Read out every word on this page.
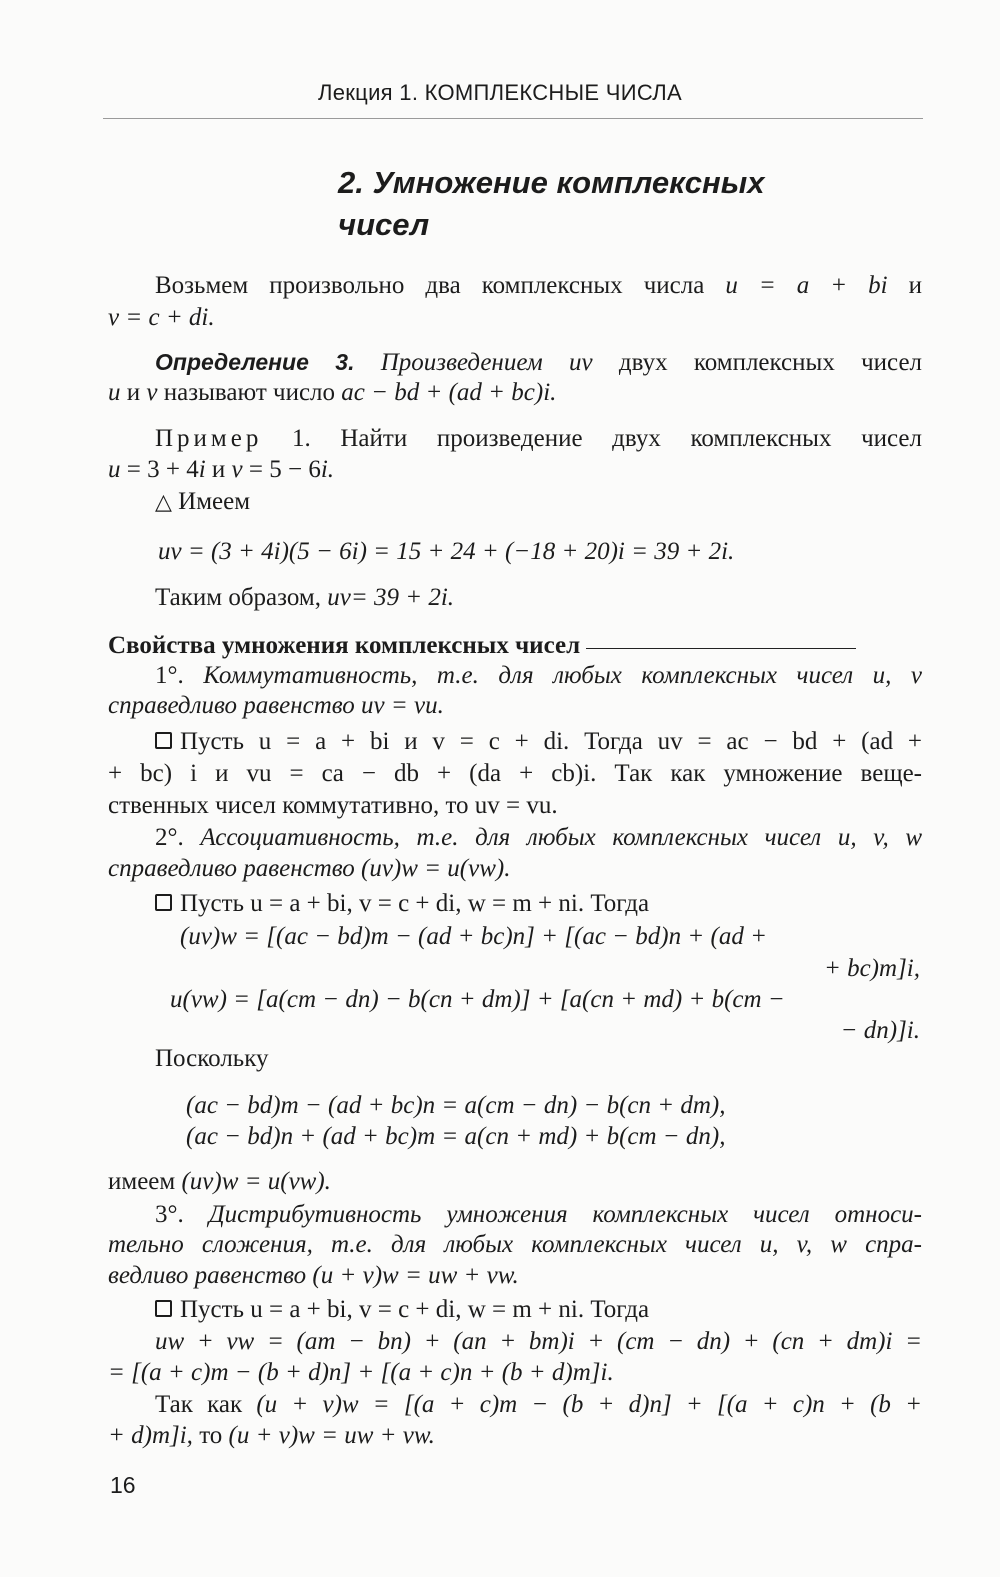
Лекция 1. КОМПЛЕКСНЫЕ ЧИСЛА
2. Умножение комплексных
чисел
Возьмем произвольно два комплексных числа u = a + bi и
v = c + di.
Определение 3. Произведением uv двух комплексных чисел
u и v называют число ac − bd + (ad + bc)i.
Пример 1. Найти произведение двух комплексных чисел
u = 3 + 4i и v = 5 − 6i.
△ Имеем
uv = (3 + 4i)(5 − 6i) = 15 + 24 + (−18 + 20)i = 39 + 2i.
Таким образом, uv= 39 + 2i.
Свойства умножения комплексных чисел
1°. Коммутативность, т.е. для любых комплексных чисел u, v
справедливо равенство uv = vu.
Пусть u = a + bi и v = c + di. Тогда uv = ac − bd + (ad +
+ bc) i и vu = ca − db + (da + cb)i. Так как умножение веще-
ственных чисел коммутативно, то uv = vu.
2°. Ассоциативность, т.е. для любых комплексных чисел u, v, w
справедливо равенство (uv)w = u(vw).
Пусть u = a + bi, v = c + di, w = m + ni. Тогда
(uv)w = [(ac − bd)m − (ad + bc)n] + [(ac − bd)n + (ad +
+ bc)m]i,
u(vw) = [a(cm − dn) − b(cn + dm)] + [a(cn + md) + b(cm −
− dn)]i.
Поскольку
(ac − bd)m − (ad + bc)n = a(cm − dn) − b(cn + dm),
(ac − bd)n + (ad + bc)m = a(cn + md) + b(cm − dn),
имеем (uv)w = u(vw).
3°. Дистрибутивность умножения комплексных чисел относи-
тельно сложения, т.е. для любых комплексных чисел u, v, w спра-
ведливо равенство (u + v)w = uw + vw.
Пусть u = a + bi, v = c + di, w = m + ni. Тогда
uw + vw = (am − bn) + (an + bm)i + (cm − dn) + (cn + dm)i =
= [(a + c)m − (b + d)n] + [(a + c)n + (b + d)m]i.
Так как (u + v)w = [(a + c)m − (b + d)n] + [(a + c)n + (b +
+ d)m]i, то (u + v)w = uw + vw.
16
